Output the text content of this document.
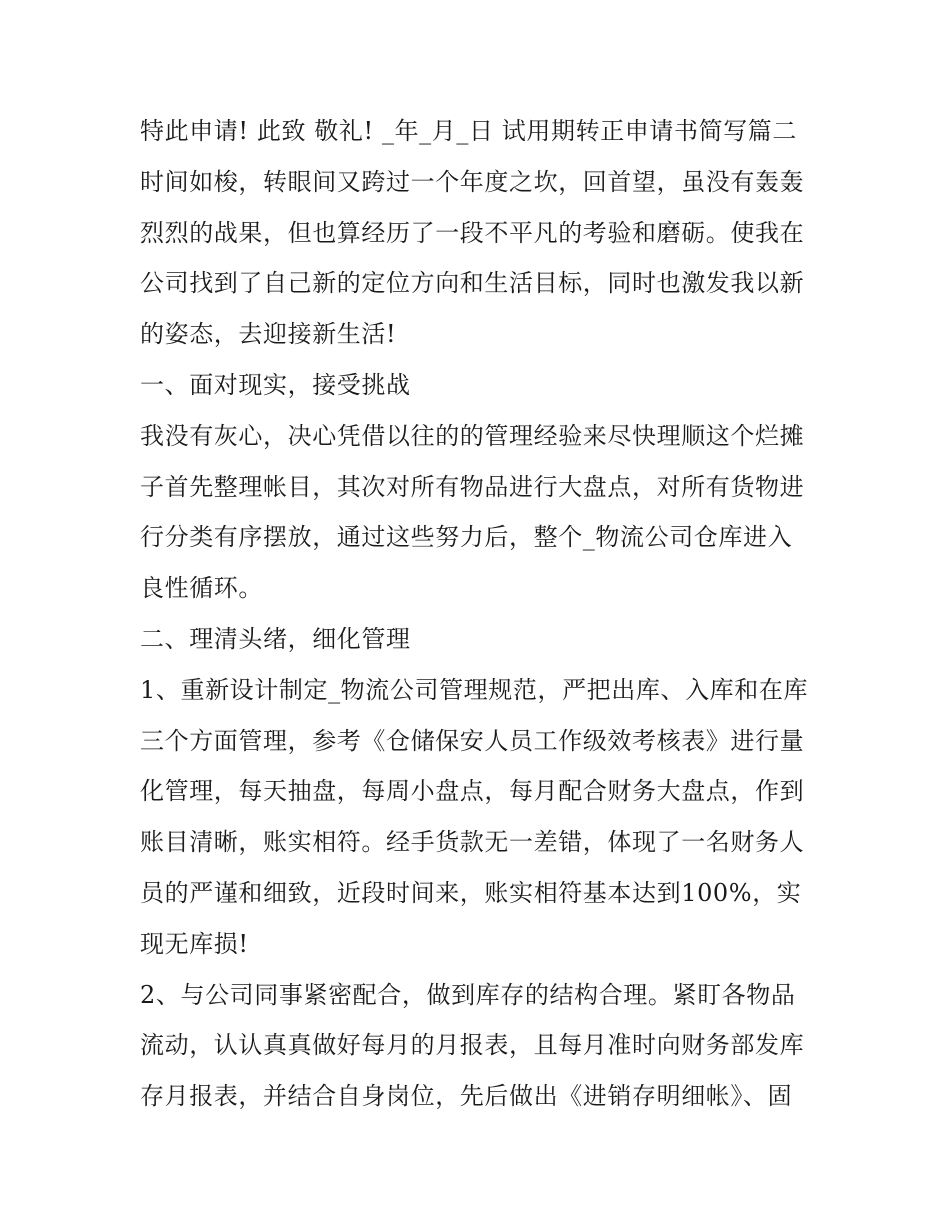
特此申请! 此致 敬礼! _年_月_日 试用期转正申请书简写篇二
时间如梭，转眼间又跨过一个年度之坎，回首望，虽没有轰轰
烈烈的战果，但也算经历了一段不平凡的考验和磨砺。使我在
公司找到了自己新的定位方向和生活目标，同时也激发我以新
的姿态，去迎接新生活!
一、面对现实，接受挑战
我没有灰心，决心凭借以往的的管理经验来尽快理顺这个烂摊
子首先整理帐目，其次对所有物品进行大盘点，对所有货物进
行分类有序摆放，通过这些努力后，整个_物流公司仓库进入
良性循环。
二、理清头绪，细化管理
1、重新设计制定_物流公司管理规范，严把出库、入库和在库
三个方面管理，参考《仓储保安人员工作级效考核表》进行量
化管理，每天抽盘，每周小盘点，每月配合财务大盘点，作到
账目清晰，账实相符。经手货款无一差错，体现了一名财务人
员的严谨和细致，近段时间来，账实相符基本达到100%，实
现无库损!
2、与公司同事紧密配合，做到库存的结构合理。紧盯各物品
流动，认认真真做好每月的月报表，且每月准时向财务部发库
存月报表，并结合自身岗位，先后做出《进销存明细帐》、固
